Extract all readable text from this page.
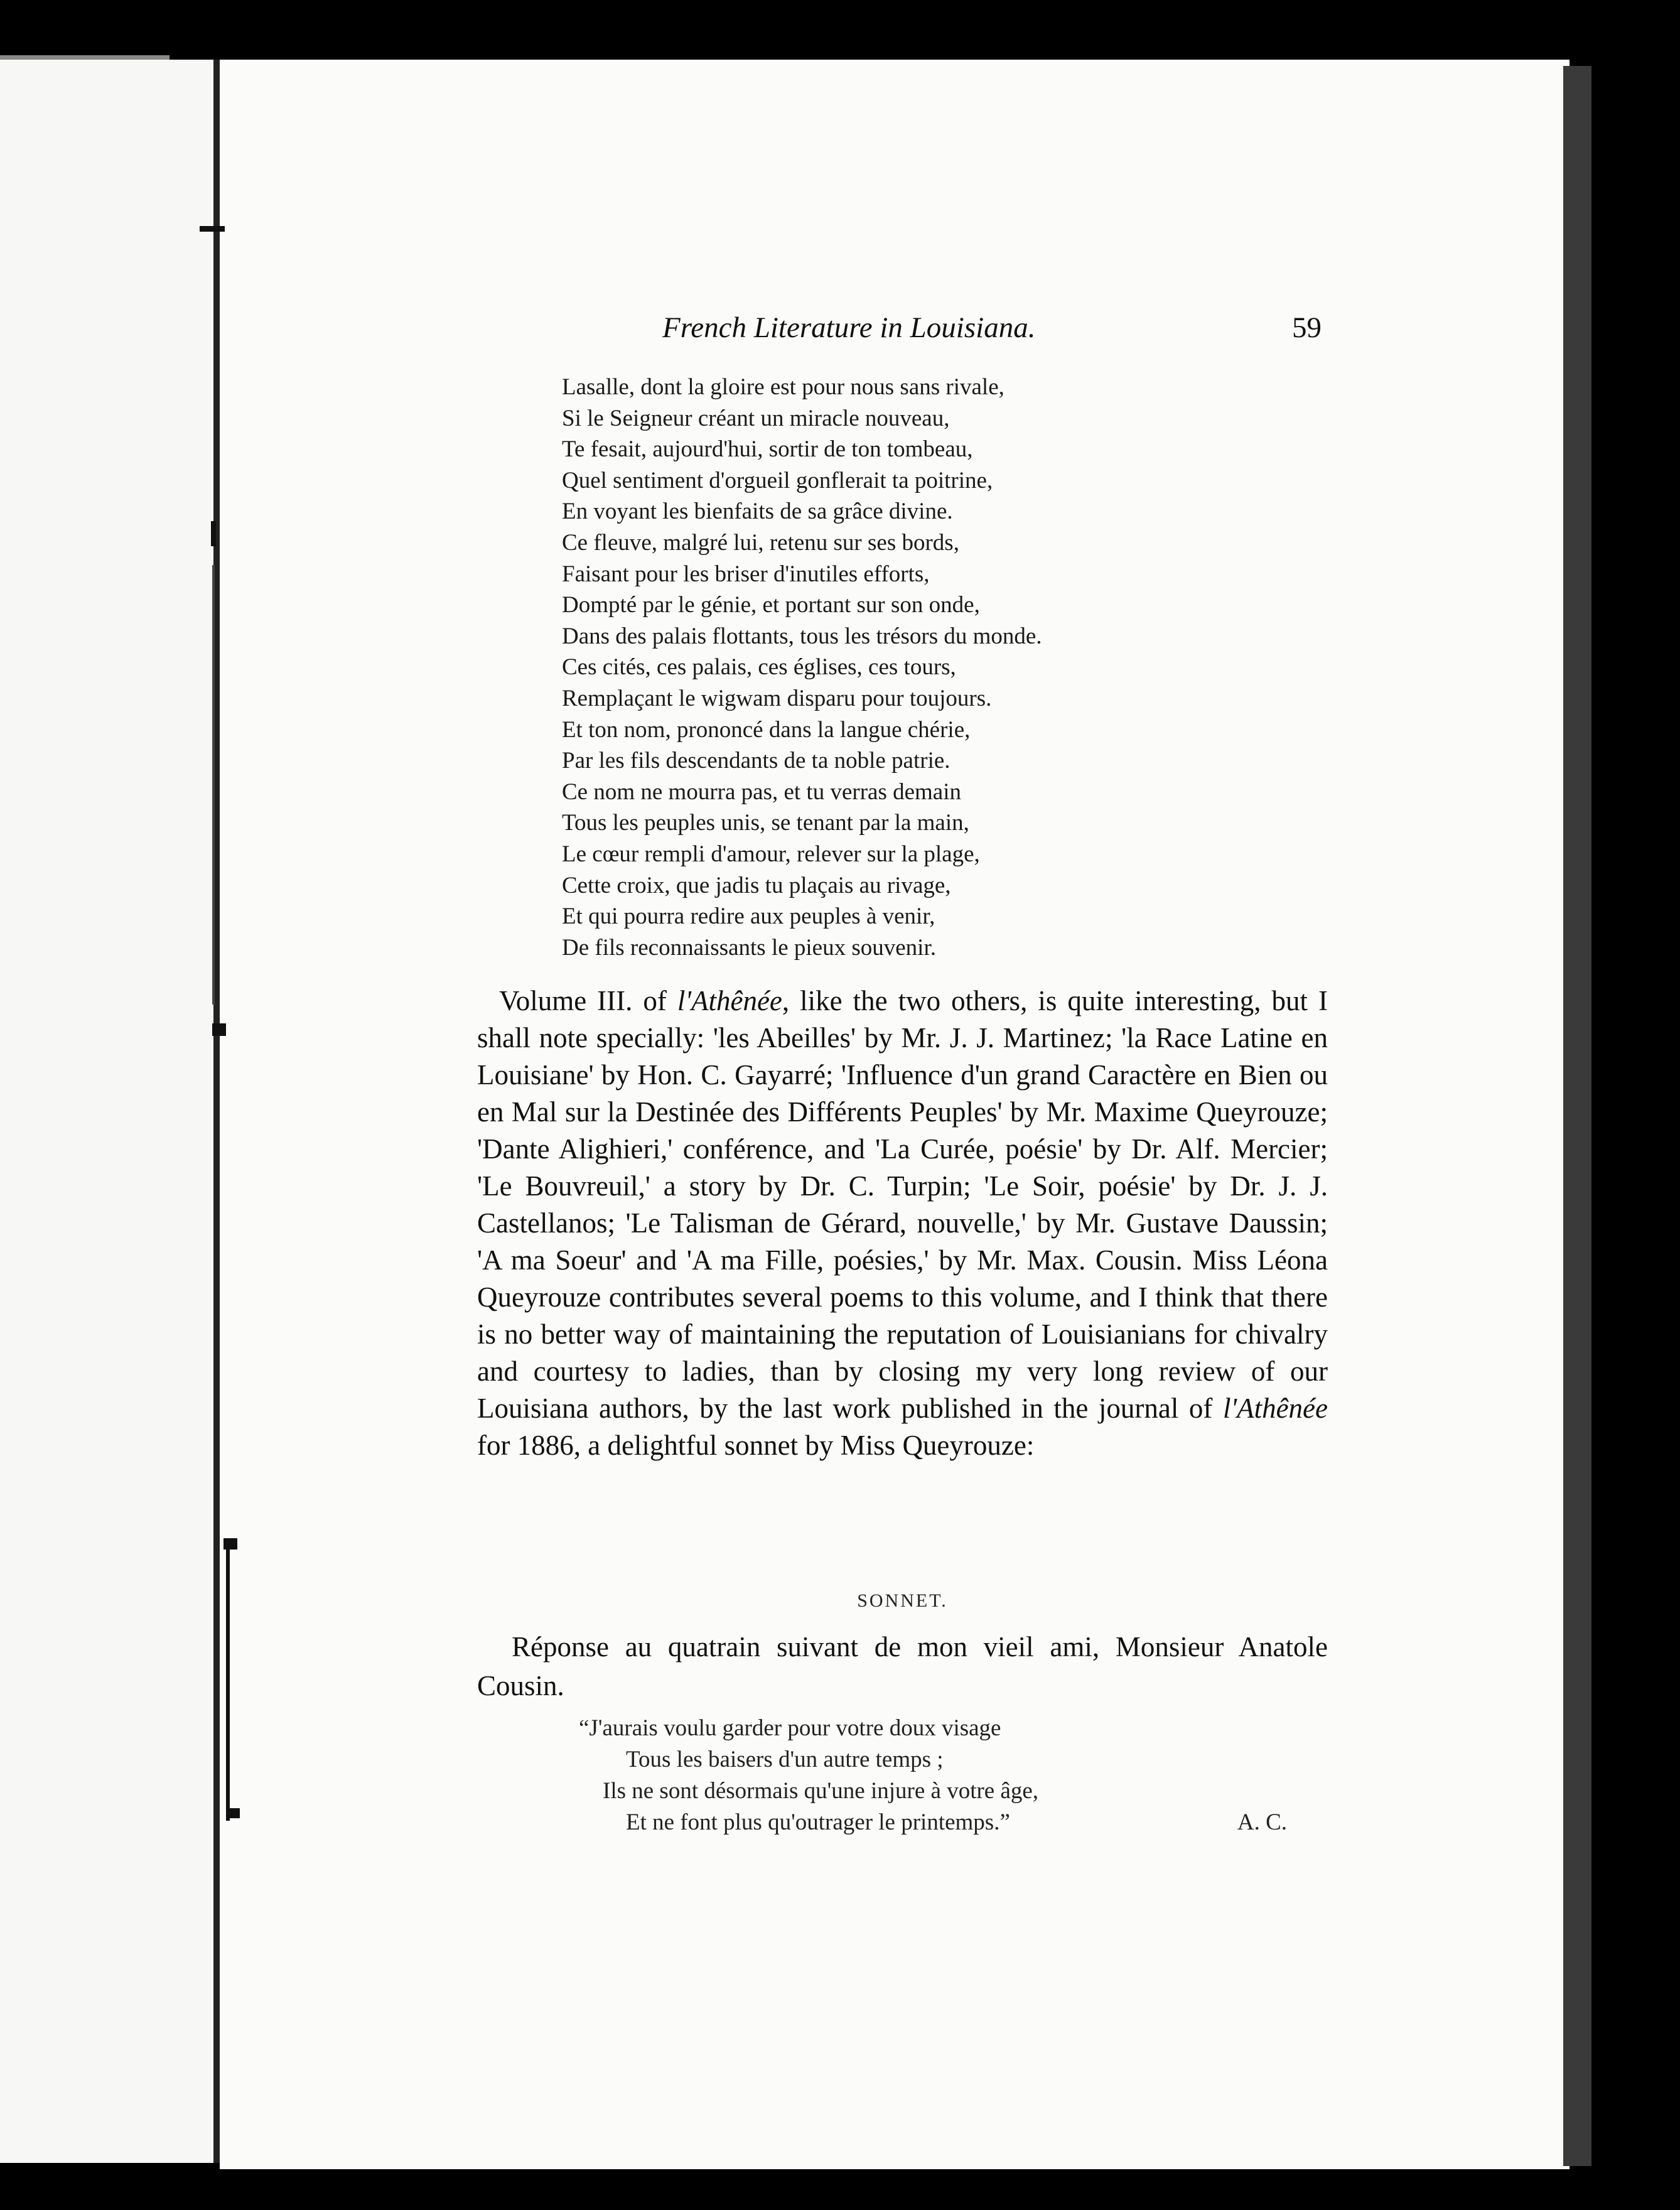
French Literature in Louisiana.	59
Lasalle, dont la gloire est pour nous sans rivale,
Si le Seigneur créant un miracle nouveau,
Te fesait, aujourd'hui, sortir de ton tombeau,
Quel sentiment d'orgueil gonflerait ta poitrine,
En voyant les bienfaits de sa grâce divine.
Ce fleuve, malgré lui, retenu sur ses bords,
Faisant pour les briser d'inutiles efforts,
Dompté par le génie, et portant sur son onde,
Dans des palais flottants, tous les trésors du monde.
Ces cités, ces palais, ces églises, ces tours,
Remplaçant le wigwam disparu pour toujours.
Et ton nom, prononcé dans la langue chérie,
Par les fils descendants de ta noble patrie.
Ce nom ne mourra pas, et tu verras demain
Tous les peuples unis, se tenant par la main,
Le cœur rempli d'amour, relever sur la plage,
Cette croix, que jadis tu plaçais au rivage,
Et qui pourra redire aux peuples à venir,
De fils reconnaissants le pieux souvenir.
Volume III. of l'Athênée, like the two others, is quite interesting, but I shall note specially: 'les Abeilles' by Mr. J. J. Martinez; 'la Race Latine en Louisiane' by Hon. C. Gayarré; 'Influence d'un grand Caractère en Bien ou en Mal sur la Destinée des Différents Peuples' by Mr. Maxime Queyrouze; 'Dante Alighieri,' conférence, and 'La Curée, poésie' by Dr. Alf. Mercier; 'Le Bouvreuil,' a story by Dr. C. Turpin; 'Le Soir, poésie' by Dr. J. J. Castellanos; 'Le Talisman de Gérard, nouvelle,' by Mr. Gustave Daussin; 'A ma Soeur' and 'A ma Fille, poésies,' by Mr. Max. Cousin. Miss Léona Queyrouze contributes several poems to this volume, and I think that there is no better way of maintaining the reputation of Louisianians for chivalry and courtesy to ladies, than by closing my very long review of our Louisiana authors, by the last work published in the journal of l'Athênée for 1886, a delightful sonnet by Miss Queyrouze:
SONNET.
Réponse au quatrain suivant de mon vieil ami, Monsieur Anatole Cousin.
“J'aurais voulu garder pour votre doux visage
Tous les baisers d'un autre temps ;
Ils ne sont désormais qu'une injure à votre âge,
Et ne font plus qu'outrager le printemps.”	A. C.
